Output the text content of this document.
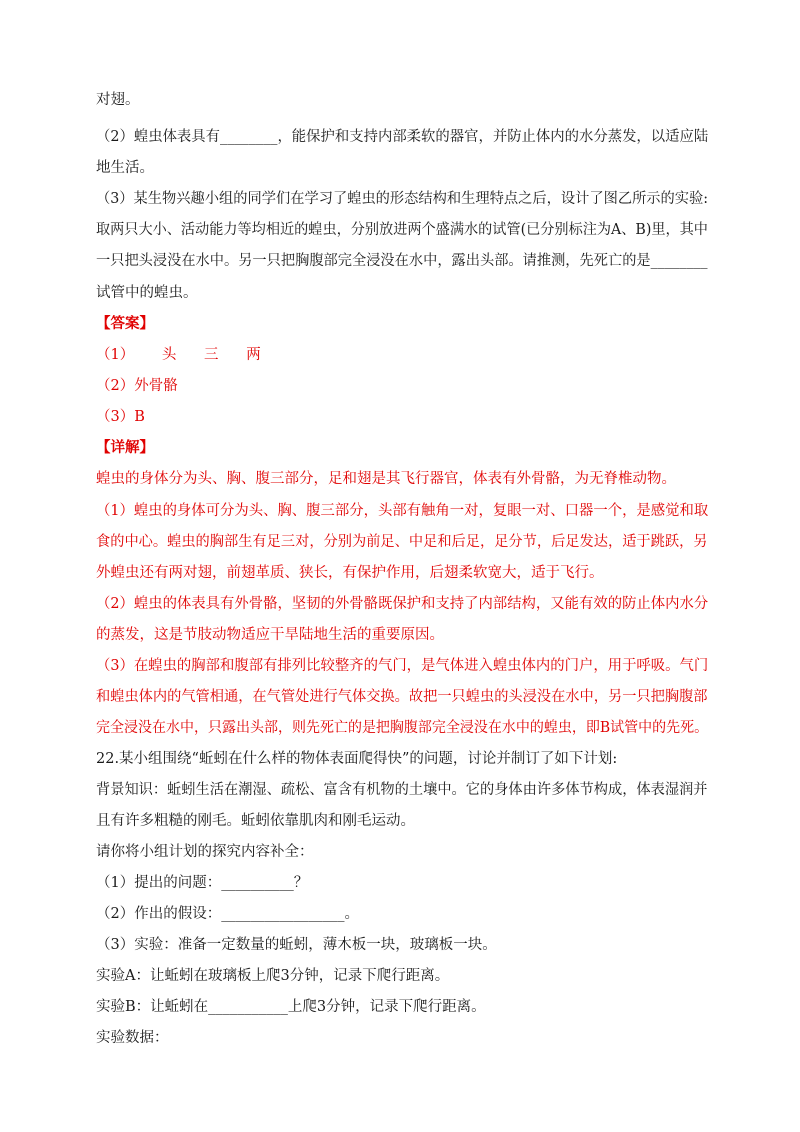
对翅。
（2）蝗虫体表具有________，能保护和支持内部柔软的器官，并防止体内的水分蒸发，以适应陆
地生活。
（3）某生物兴趣小组的同学们在学习了蝗虫的形态结构和生理特点之后，设计了图乙所示的实验:
取两只大小、活动能力等均相近的蝗虫，分别放进两个盛满水的试管(已分别标注为A、B)里，其中
一只把头浸没在水中。另一只把胸腹部完全浸没在水中，露出头部。请推测，先死亡的是________
试管中的蝗虫。
【答案】
（1）      头      三      两
（2）外骨骼
（3）B
【详解】
蝗虫的身体分为头、胸、腹三部分，足和翅是其飞行器官，体表有外骨骼，为无脊椎动物。
（1）蝗虫的身体可分为头、胸、腹三部分，头部有触角一对，复眼一对、口器一个，是感觉和取
食的中心。蝗虫的胸部生有足三对，分别为前足、中足和后足，足分节，后足发达，适于跳跃，另
外蝗虫还有两对翅，前翅革质、狭长，有保护作用，后翅柔软宽大，适于飞行。
（2）蝗虫的体表具有外骨骼，坚韧的外骨骼既保护和支持了内部结构，又能有效的防止体内水分
的蒸发，这是节肢动物适应干旱陆地生活的重要原因。
（3）在蝗虫的胸部和腹部有排列比较整齐的气门，是气体进入蝗虫体内的门户，用于呼吸。气门
和蝗虫体内的气管相通，在气管处进行气体交换。故把一只蝗虫的头浸没在水中，另一只把胸腹部
完全浸没在水中，只露出头部，则先死亡的是把胸腹部完全浸没在水中的蝗虫，即B试管中的先死。
22.某小组围绕“蚯蚓在什么样的物体表面爬得快”的问题，讨论并制订了如下计划:
背景知识：蚯蚓生活在潮湿、疏松、富含有机物的土壤中。它的身体由许多体节构成，体表湿润并
且有许多粗糙的刚毛。蚯蚓依靠肌肉和刚毛运动。
请你将小组计划的探究内容补全：
（1）提出的问题：__________？
（2）作出的假设：_________________。
（3）实验：准备一定数量的蚯蚓，薄木板一块，玻璃板一块。
实验A：让蚯蚓在玻璃板上爬3分钟，记录下爬行距离。
实验B：让蚯蚓在___________上爬3分钟，记录下爬行距离。
实验数据：
